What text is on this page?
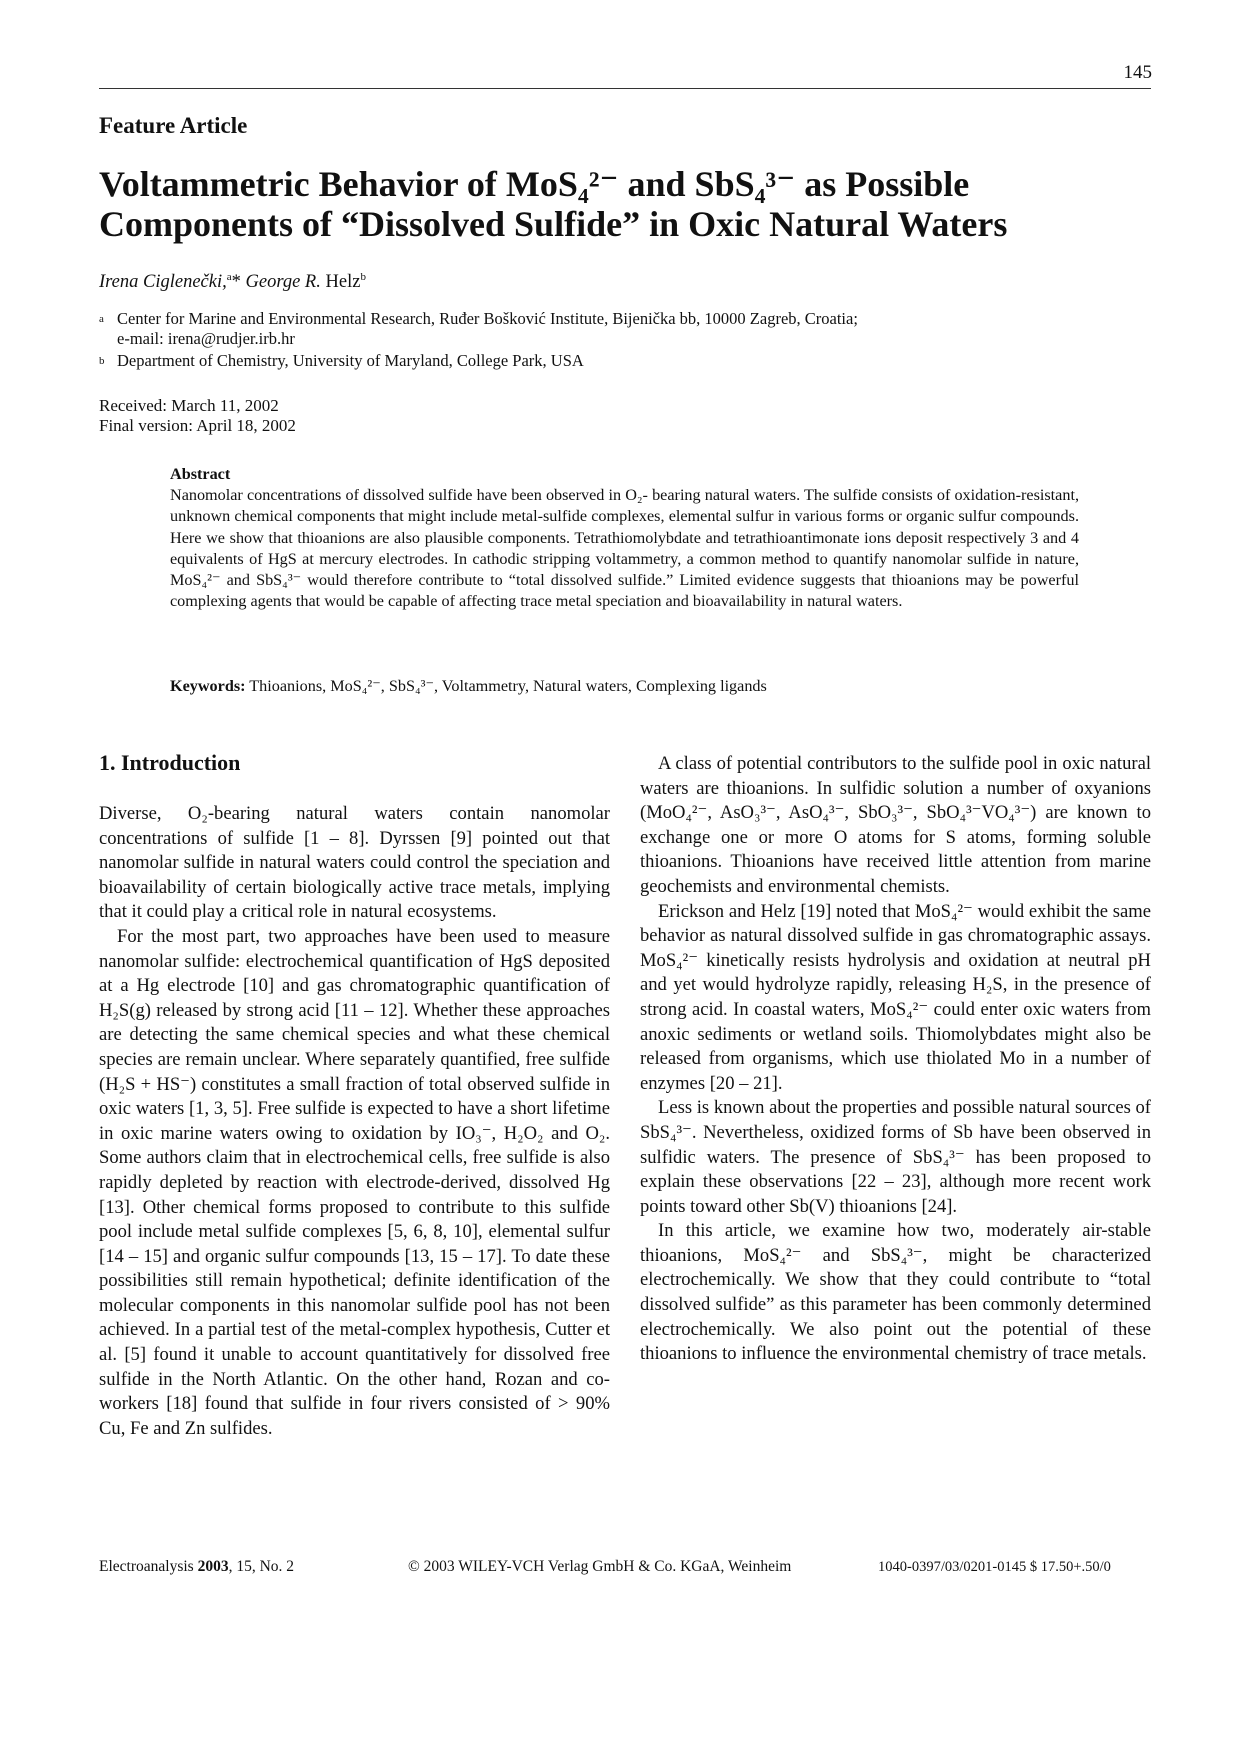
145
Feature Article
Voltammetric Behavior of MoS₄²⁻ and SbS₄³⁻ as Possible
Components of “Dissolved Sulfide” in Oxic Natural Waters
Irena Ciglenečki,$^a$* George R. Helz$^b$
a Center for Marine and Environmental Research, Ruđer Bošković Institute, Bijenička bb, 10000 Zagreb, Croatia;
e-mail: irena@rudjer.irb.hr
b Department of Chemistry, University of Maryland, College Park, USA
Received: March 11, 2002
Final version: April 18, 2002
Abstract

Nanomolar concentrations of dissolved sulfide have been observed in O₂- bearing natural waters. The sulfide consists of oxidation-resistant, unknown chemical components that might include metal-sulfide complexes, elemental sulfur in various forms or organic sulfur compounds. Here we show that thioanions are also plausible components. Tetrathiomolybdate and tetrathioantimonate ions deposit respectively 3 and 4 equivalents of HgS at mercury electrodes. In cathodic stripping voltammetry, a common method to quantify nanomolar sulfide in nature, MoS₄²⁻ and SbS₄³⁻ would therefore contribute to “total dissolved sulfide.” Limited evidence suggests that thioanions may be powerful complexing agents that would be capable of affecting trace metal speciation and bioavailability in natural waters.

Keywords: Thioanions, MoS₄²⁻, SbS₄³⁻, Voltammetry, Natural waters, Complexing ligands
1. Introduction

Diverse, O₂-bearing natural waters contain nanomolar concentrations of sulfide [1 – 8]. Dyrssen [9] pointed out that nanomolar sulfide in natural waters could control the speciation and bioavailability of certain biologically active trace metals, implying that it could play a critical role in natural ecosystems.

For the most part, two approaches have been used to measure nanomolar sulfide: electrochemical quantification of HgS deposited at a Hg electrode [10] and gas chromatographic quantification of H₂S(g) released by strong acid [11 – 12]. Whether these approaches are detecting the same chemical species and what these chemical species are remain unclear. Where separately quantified, free sulfide (H₂S + HS⁻) constitutes a small fraction of total observed sulfide in oxic waters [1, 3, 5]. Free sulfide is expected to have a short lifetime in oxic marine waters owing to oxidation by IO₃⁻, H₂O₂ and O₂. Some authors claim that in electrochemical cells, free sulfide is also rapidly depleted by reaction with electrode-derived, dissolved Hg [13]. Other chemical forms proposed to contribute to this sulfide pool include metal sulfide complexes [5, 6, 8, 10], elemental sulfur [14 – 15] and organic sulfur compounds [13, 15 – 17]. To date these possibilities still remain hypothetical; definite identification of the molecular components in this nanomolar sulfide pool has not been achieved. In a partial test of the metal-complex hypothesis, Cutter et al. [5] found it unable to account quantitatively for dissolved free sulfide in the North Atlantic. On the other hand, Rozan and co-workers [18] found that sulfide in four rivers consisted of > 90% Cu, Fe and Zn sulfides.

A class of potential contributors to the sulfide pool in oxic natural waters are thioanions. In sulfidic solution a number of oxyanions (MoO₄²⁻, AsO₃³⁻, AsO₄³⁻, SbO₃³⁻, SbO₄³⁻VO₄³⁻) are known to exchange one or more O atoms for S atoms, forming soluble thioanions. Thioanions have received little attention from marine geochemists and environmental chemists.

Erickson and Helz [19] noted that MoS₄²⁻ would exhibit the same behavior as natural dissolved sulfide in gas chromatographic assays. MoS₄²⁻ kinetically resists hydrolysis and oxidation at neutral pH and yet would hydrolyze rapidly, releasing H₂S, in the presence of strong acid. In coastal waters, MoS₄²⁻ could enter oxic waters from anoxic sediments or wetland soils. Thiomolybdates might also be released from organisms, which use thiolated Mo in a number of enzymes [20 – 21].

Less is known about the properties and possible natural sources of SbS₄³⁻. Nevertheless, oxidized forms of Sb have been observed in sulfidic waters. The presence of SbS₄³⁻ has been proposed to explain these observations [22 – 23], although more recent work points toward other Sb(V) thioanions [24].

In this article, we examine how two, moderately air-stable thioanions, MoS₄²⁻ and SbS₄³⁻, might be characterized electrochemically. We show that they could contribute to “total dissolved sulfide” as this parameter has been commonly determined electrochemically. We also point out the potential of these thioanions to influence the environmental chemistry of trace metals.

Electroanalysis 2003, 15, No. 2	© 2003 WILEY-VCH Verlag GmbH & Co. KGaA, Weinheim	1040-0397/03/0201-0145 $ 17.50+.50/0
